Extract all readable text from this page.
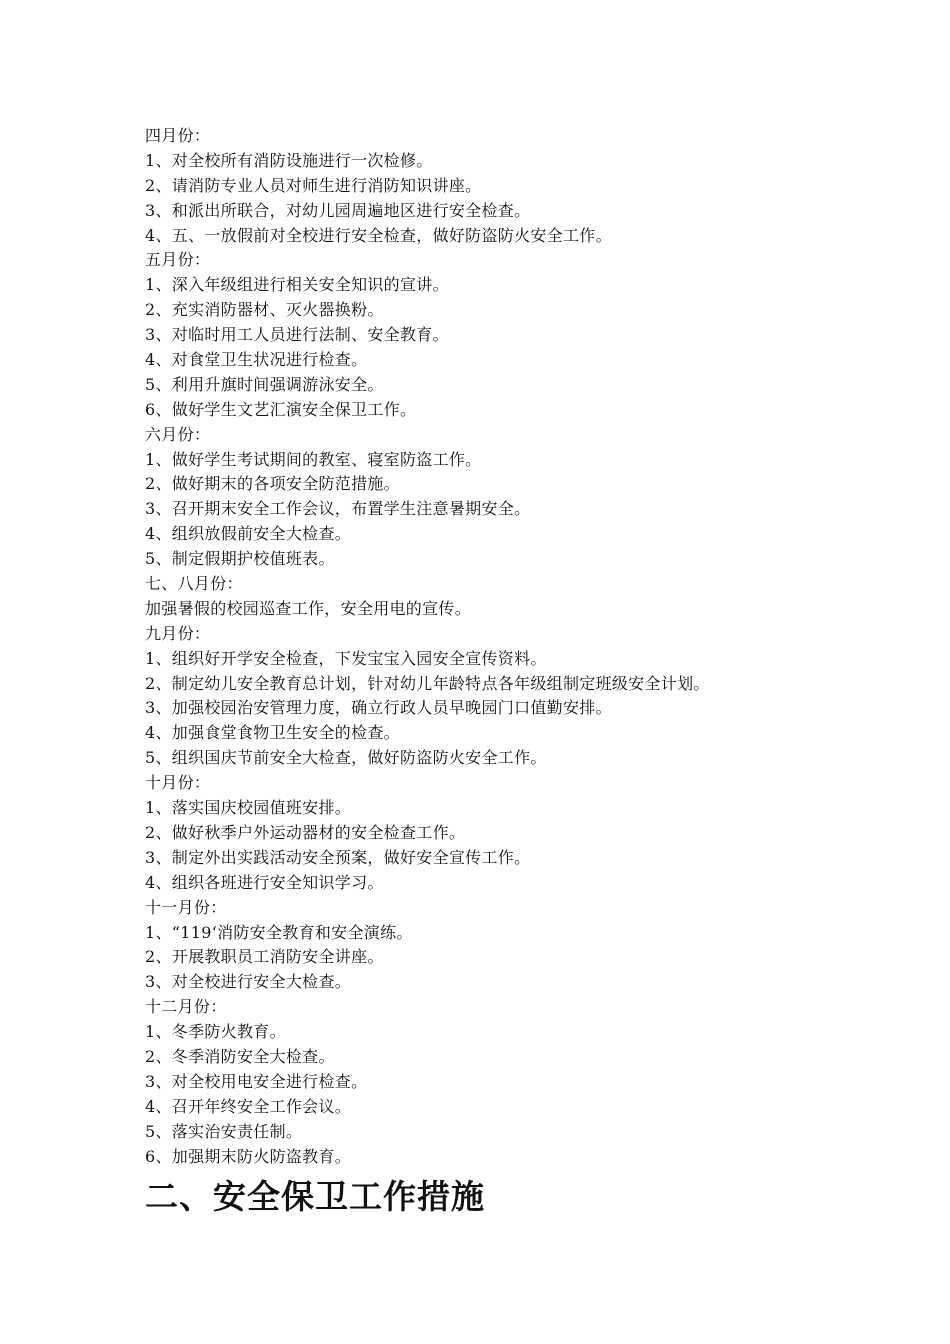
四月份：
1、对全校所有消防设施进行一次检修。
2、请消防专业人员对师生进行消防知识讲座。
3、和派出所联合，对幼儿园周遍地区进行安全检查。
4、五、一放假前对全校进行安全检查，做好防盗防火安全工作。
五月份：
1、深入年级组进行相关安全知识的宣讲。
2、充实消防器材、灭火器换粉。
3、对临时用工人员进行法制、安全教育。
4、对食堂卫生状况进行检查。
5、利用升旗时间强调游泳安全。
6、做好学生文艺汇演安全保卫工作。
六月份：
1、做好学生考试期间的教室、寝室防盗工作。
2、做好期末的各项安全防范措施。
3、召开期末安全工作会议，布置学生注意暑期安全。
4、组织放假前安全大检查。
5、制定假期护校值班表。
七、八月份：
加强暑假的校园巡查工作，安全用电的宣传。
九月份：
1、组织好开学安全检查，下发宝宝入园安全宣传资料。
2、制定幼儿安全教育总计划，针对幼儿年龄特点各年级组制定班级安全计划。
3、加强校园治安管理力度，确立行政人员早晚园门口值勤安排。
4、加强食堂食物卫生安全的检查。
5、组织国庆节前安全大检查，做好防盗防火安全工作。
十月份：
1、落实国庆校园值班安排。
2、做好秋季户外运动器材的安全检查工作。
3、制定外出实践活动安全预案，做好安全宣传工作。
4、组织各班进行安全知识学习。
十一月份：
1、“119‘消防安全教育和安全演练。
2、开展教职员工消防安全讲座。
3、对全校进行安全大检查。
十二月份：
1、冬季防火教育。
2、冬季消防安全大检查。
3、对全校用电安全进行检查。
4、召开年终安全工作会议。
5、落实治安责任制。
6、加强期末防火防盗教育。
二、安全保卫工作措施
